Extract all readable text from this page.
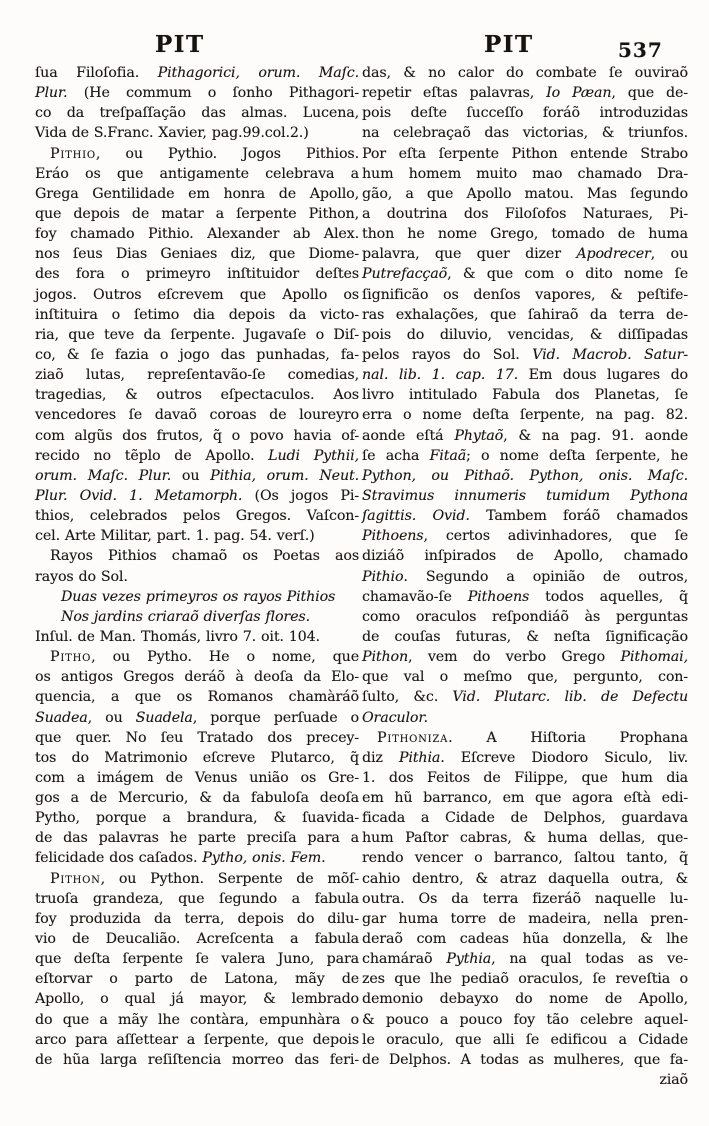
PIT	PIT	537
ſua Filoſofia. Pithagorici, orum. Maſc.
Plur. (He commum o ſonho Pithagori-
co da treſpaſſação das almas. Lucena,
Vida de S.Franc. Xavier, pag.99.col.2.)
Pithio, ou Pythio. Jogos Pithios.
Eráo os que antigamente celebrava a
Grega Gentilidade em honra de Apollo,
que depois de matar a ſerpente Pithon,
foy chamado Pithio. Alexander ab Alex.
nos ſeus Dias Geniaes diz, que Diome-
des fora o primeyro inſtituidor deſtes
jogos. Outros eſcrevem que Apollo os
inſtituira o ſetimo dia depois da victo-
ria, que teve da ſerpente. Jugavaſe o Diſ-
co, & ſe fazia o jogo das punhadas, fa-
ziaõ lutas, repreſentavão-ſe comedias,
tragedias, & outros eſpectaculos. Aos
vencedores ſe davaõ coroas de loureyro
com algũs dos frutos, q̃ o povo havia of-
recido no tẽplo de Apollo. Ludi Pythii,
orum. Maſc. Plur. ou Pithia, orum. Neut.
Plur. Ovid. 1. Metamorph. (Os jogos Pi-
thios, celebrados pelos Gregos. Vaſcon-
cel. Arte Militar, part. 1. pag. 54. verſ.)
Rayos Pithios chamaõ os Poetas aos
rayos do Sol.
Duas vezes primeyros os rayos Pithios
Nos jardins criaraõ diverſas flores.
Inſul. de Man. Thomás, livro 7. oit. 104.
Pitho, ou Pytho. He o nome, que
os antigos Gregos deráõ à deoſa da Elo-
quencia, a que os Romanos chamàráõ
Suadea, ou Suadela, porque perſuade o
que quer. No ſeu Tratado dos precey-
tos do Matrimonio eſcreve Plutarco, q̃
com a imágem de Venus união os Gre-
gos a de Mercurio, & da fabuloſa deoſa
Pytho, porque a brandura, & ſuavida-
de das palavras he parte preciſa para a
felicidade dos caſados. Pytho, onis. Fem.
Pithon, ou Python. Serpente de mõſ-
truoſa grandeza, que ſegundo a fabula
foy produzida da terra, depois do dilu-
vio de Deucalião. Acreſcenta a fabula
que deſta ſerpente ſe valera Juno, para
eſtorvar o parto de Latona, mãy de
Apollo, o qual já mayor, & lembrado
do que a mãy lhe contàra, empunhàra o
arco para aſſettear a ſerpente, que depois
de hũa larga reſiſtencia morreo das feri-
das, & no calor do combate ſe ouviraõ
repetir eſtas palavras, Io Pæan, que de-
pois deſte ſucceſſo foráõ introduzidas
na celebraçaõ das victorias, & triunfos.
Por eſta ſerpente Pithon entende Strabo
hum homem muito mao chamado Dra-
gão, a que Apollo matou. Mas ſegundo
a doutrina dos Filoſofos Naturaes, Pi-
thon he nome Grego, tomado de huma
palavra, que quer dizer Apodrecer, ou
Putrefacçaõ, & que com o dito nome ſe
ſignificão os denſos vapores, & peſtife-
ras exhalações, que ſahiraõ da terra de-
pois do diluvio, vencidas, & diſſipadas
pelos rayos do Sol. Vid. Macrob. Satur-
nal. lib. 1. cap. 17. Em dous lugares do
livro intitulado Fabula dos Planetas, ſe
erra o nome deſta ſerpente, na pag. 82.
aonde eſtá Phytaõ, & na pag. 91. aonde
ſe acha Fitaã; o nome deſta ſerpente, he
Python, ou Pithaõ. Python, onis. Maſc.
Stravimus innumeris tumidum Pythona
ſagittis. Ovid. Tambem foráõ chamados
Pithoens, certos adivinhadores, que ſe
diziáõ inſpirados de Apollo, chamado
Pithio. Segundo a opinião de outros,
chamavão-ſe Pithoens todos aquelles, q̃
como oraculos reſpondiáõ às perguntas
de couſas futuras, & neſta ſignificação
Pithon, vem do verbo Grego Pithomai,
que val o meſmo que, pergunto, con-
ſulto, &c. Vid. Plutarc. lib. de Defectu
Oraculor.
Pithoniza. A Hiſtoria Prophana
diz Pithia. Eſcreve Diodoro Siculo, liv.
1. dos Feitos de Filippe, que hum dia
em hũ barranco, em que agora eſtà edi-
ficada a Cidade de Delphos, guardava
hum Paſtor cabras, & huma dellas, que-
rendo vencer o barranco, ſaltou tanto, q̃
cahio dentro, & atraz daquella outra, &
outra. Os da terra fizeráõ naquelle lu-
gar huma torre de madeira, nella pren-
deraõ com cadeas hũa donzella, & lhe
chamáraõ Pythia, na qual todas as ve-
zes que lhe pediaõ oraculos, ſe reveſtia o
demonio debayxo do nome de Apollo,
& pouco a pouco foy tão celebre aquel-
le oraculo, que alli ſe edificou a Cidade
de Delphos. A todas as mulheres, que fa-
ziaõ
